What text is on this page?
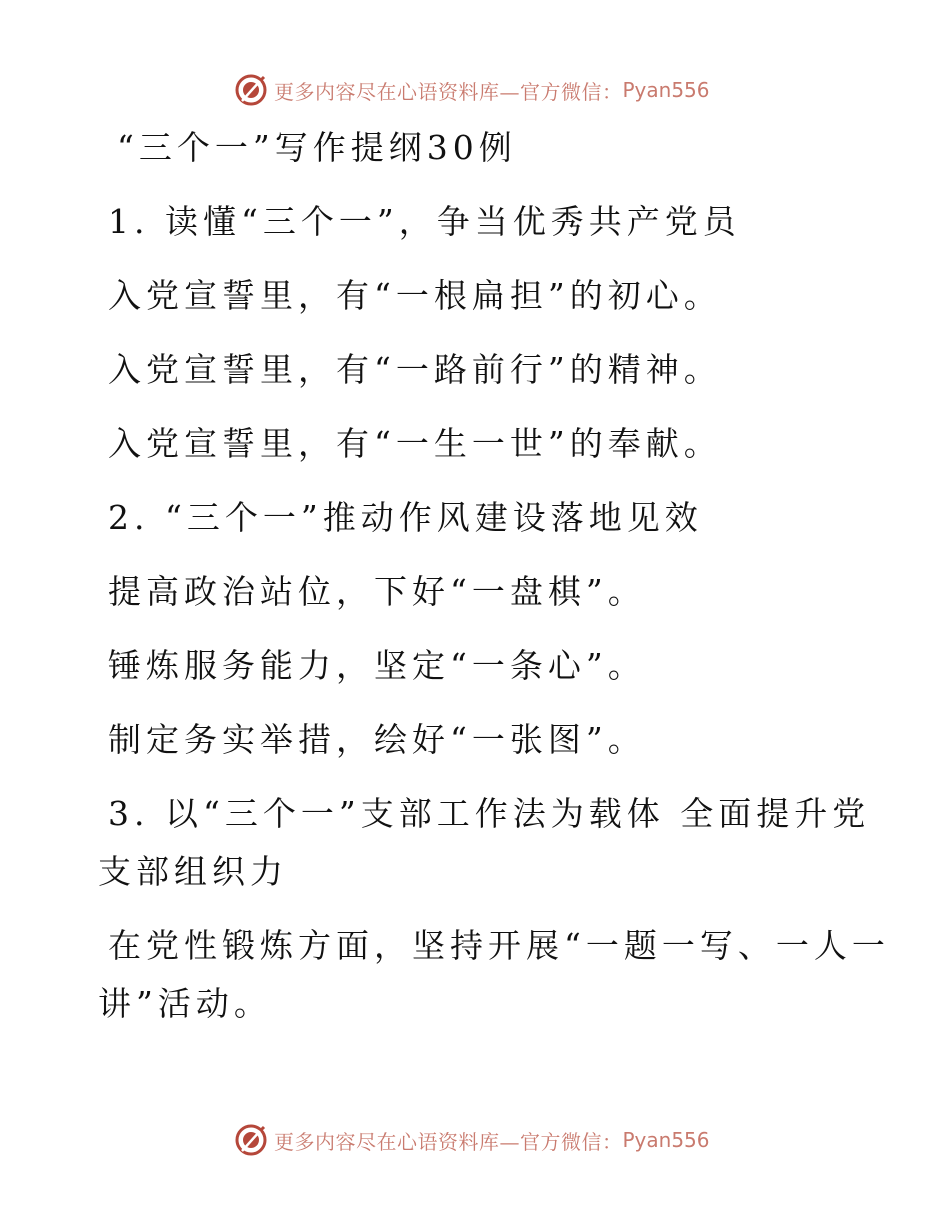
更多内容尽在心语资料库—官方微信： Pyan556
“三个一”写作提纲30例
1. 读懂“三个一”，争当优秀共产党员
入党宣誓里，有“一根扁担”的初心。
入党宣誓里，有“一路前行”的精神。
入党宣誓里，有“一生一世”的奉献。
2. “三个一”推动作风建设落地见效
提高政治站位，下好“一盘棋”。
锤炼服务能力，坚定“一条心”。
制定务实举措，绘好“一张图”。
3. 以“三个一”支部工作法为载体 全面提升党
支部组织力
在党性锻炼方面，坚持开展“一题一写、一人一
讲”活动。
更多内容尽在心语资料库—官方微信： Pyan556
